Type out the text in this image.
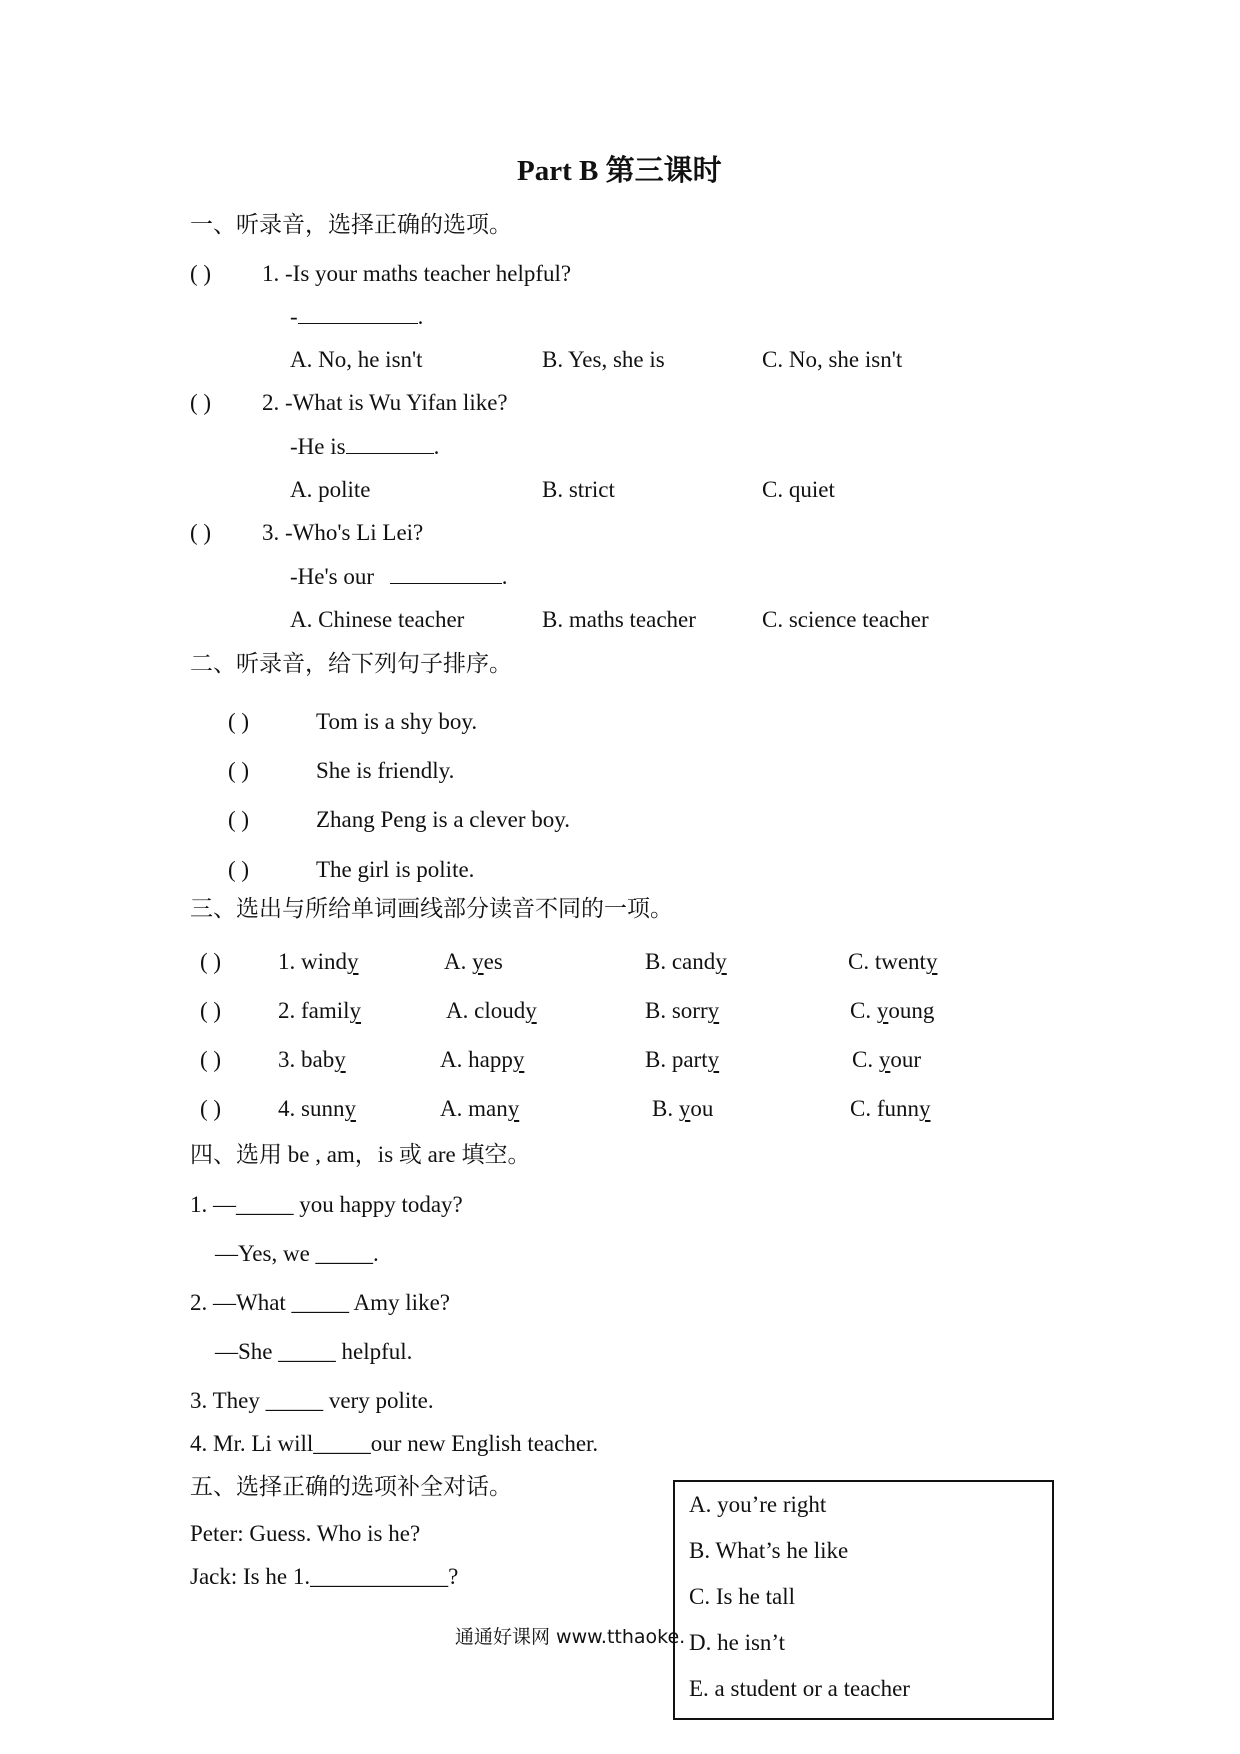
Part B 第三课时
一、听录音，选择正确的选项。
( ) 1. -Is your maths teacher helpful?
-	.
A. No, he isn't	B. Yes, she is	C. No, she isn't
( ) 2. -What is Wu Yifan like?
-He is	.
A. polite	B. strict	C. quiet
( ) 3. -Who's Li Lei?
-He's our	.
A. Chinese teacher	B. maths teacher	C. science teacher
二、听录音，给下列句子排序。
( )	Tom is a shy boy.
( )	She is friendly.
( )	Zhang Peng is a clever boy.
( )	The girl is polite.
三、选出与所给单词画线部分读音不同的一项。
( ) 1. windy	A. yes	B. candy	C. twenty
( ) 2. family	A. cloudy	B. sorry	C. young
( ) 3. baby	A. happy	B. party	C. your
( ) 4. sunny	A. many	B. you	C. funny
四、选用 be , am，is 或 are 填空。
1. —_____ you happy today?
—Yes, we _____.
2. —What _____ Amy like?
—She _____ helpful.
3. They _____ very polite.
4. Mr. Li will_____our new English teacher.
五、选择正确的选项补全对话。
Peter: Guess. Who is he?
Jack: Is he 1.____________?
A. you’re right
B. What’s he like
C. Is he tall
D. he isn’t
E. a student or a teacher
通通好课网 www.tthaoke.
